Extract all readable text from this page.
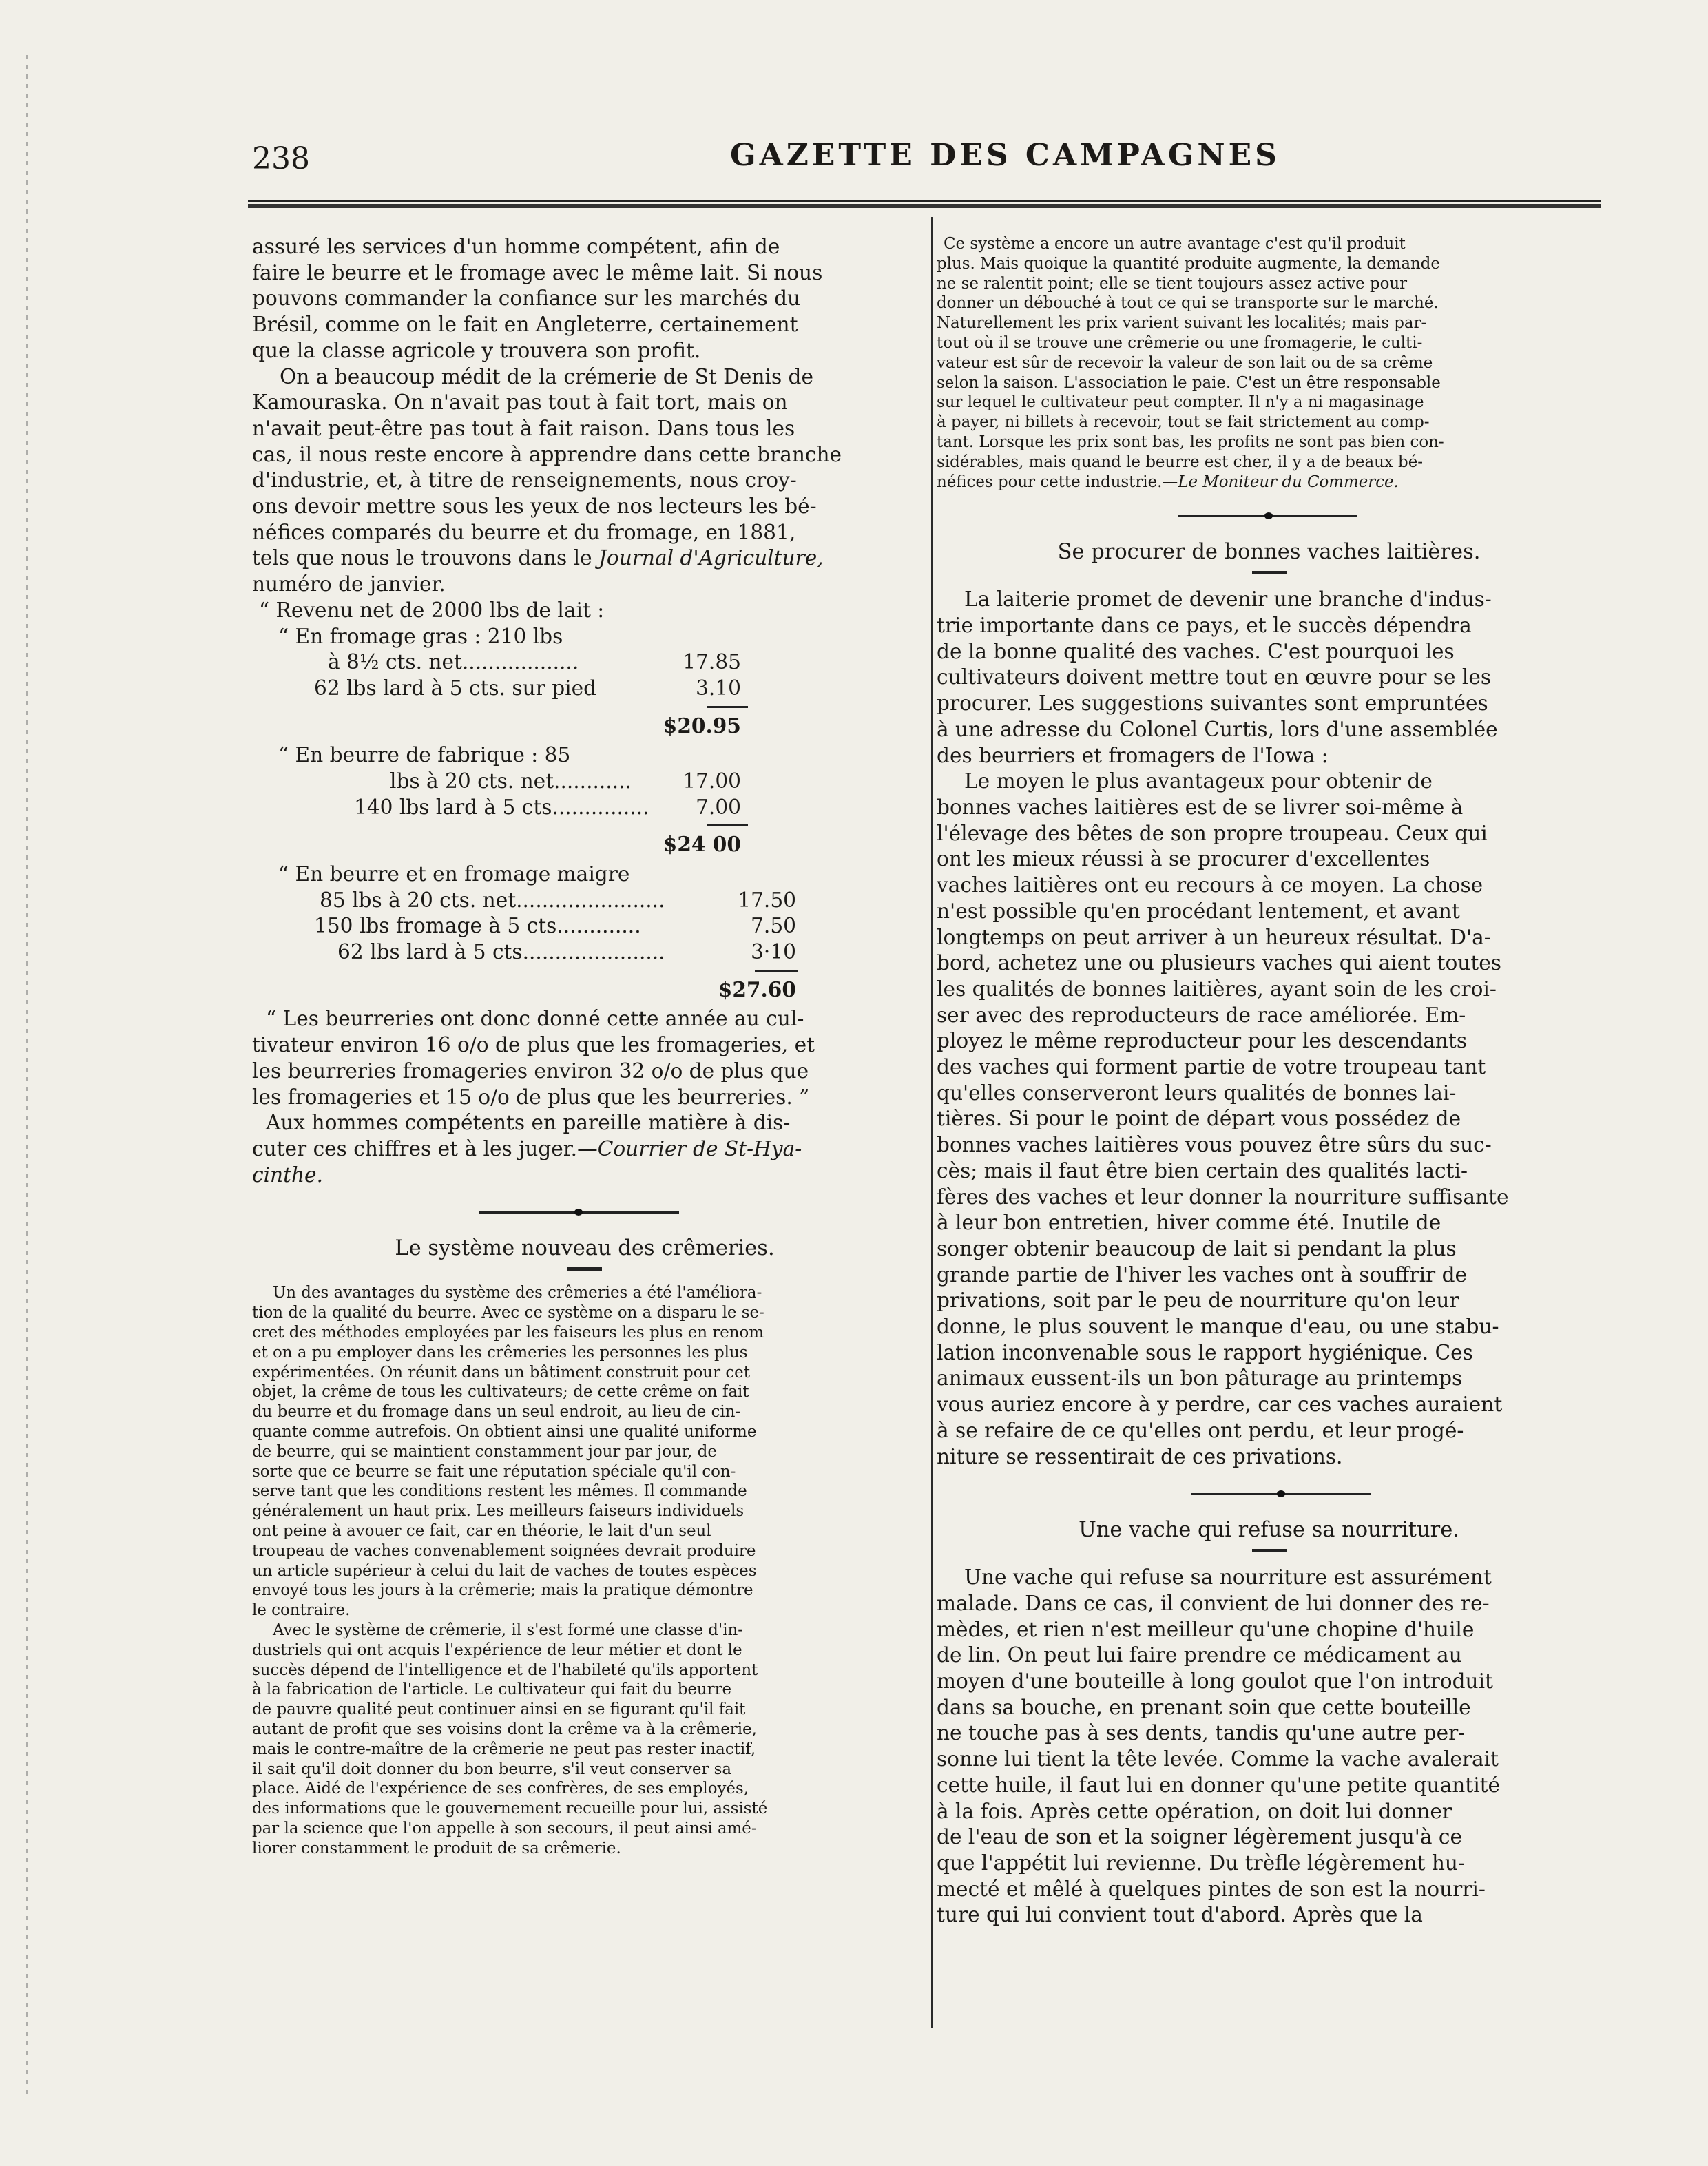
238	GAZETTE DES CAMPAGNES
assuré les services d'un homme compétent, afin de
faire le beurre et le fromage avec le même lait. Si nous
pouvons commander la confiance sur les marchés du
Brésil, comme on le fait en Angleterre, certainement
que la classe agricole y trouvera son profit.
On a beaucoup médit de la crémerie de St Denis de
Kamouraska. On n'avait pas tout à fait tort, mais on
n'avait peut-être pas tout à fait raison. Dans tous les
cas, il nous reste encore à apprendre dans cette branche
d'industrie, et, à titre de renseignements, nous croy-
ons devoir mettre sous les yeux de nos lecteurs les bé-
néfices comparés du beurre et du fromage, en 1881,

tels que nous le trouvons dans le Journal d'Agriculture,
numéro de janvier.

“ Revenu net de 2000 lbs de lait :
“ En fromage gras : 210 lbs
à 8½ cts. net..................	17.85
62 lbs lard à 5 cts. sur pied	3.10
$20.95
“ En beurre de fabrique : 85
lbs à 20 cts. net............	17.00
140 lbs lard à 5 cts............... 7.00
$24 00
“ En beurre et en fromage maigre
85 lbs à 20 cts. net.......................	17.50
150 lbs fromage à 5 cts.............	7.50
62 lbs lard à 5 cts......................	3·10
$27.60
“ Les beurreries ont donc donné cette année au cul-
tivateur environ 16 o/o de plus que les fromageries, et
les beurreries fromageries environ 32 o/o de plus que
les fromageries et 15 o/o de plus que les beurreries. ”
Aux hommes compétents en pareille matière à dis-

cuter ces chiffres et à les juger.—Courrier de St-Hya-
cinthe.

Le système nouveau des crêmeries.

Un des avantages du système des crêmeries a été l'améliora-
tion de la qualité du beurre. Avec ce système on a disparu le se-
cret des méthodes employées par les faiseurs les plus en renom
et on a pu employer dans les crêmeries les personnes les plus
expérimentées. On réunit dans un bâtiment construit pour cet
objet, la crême de tous les cultivateurs; de cette crême on fait
du beurre et du fromage dans un seul endroit, au lieu de cin-
quante comme autrefois. On obtient ainsi une qualité uniforme
de beurre, qui se maintient constamment jour par jour, de
sorte que ce beurre se fait une réputation spéciale qu'il con-
serve tant que les conditions restent les mêmes. Il commande
généralement un haut prix. Les meilleurs faiseurs individuels
ont peine à avouer ce fait, car en théorie, le lait d'un seul
troupeau de vaches convenablement soignées devrait produire
un article supérieur à celui du lait de vaches de toutes espèces
envoyé tous les jours à la crêmerie; mais la pratique démontre
le contraire.
Avec le système de crêmerie, il s'est formé une classe d'in-
dustriels qui ont acquis l'expérience de leur métier et dont le
succès dépend de l'intelligence et de l'habileté qu'ils apportent
à la fabrication de l'article. Le cultivateur qui fait du beurre
de pauvre qualité peut continuer ainsi en se figurant qu'il fait
autant de profit que ses voisins dont la crême va à la crêmerie,
mais le contre-maître de la crêmerie ne peut pas rester inactif,
il sait qu'il doit donner du bon beurre, s'il veut conserver sa
place. Aidé de l'expérience de ses confrères, de ses employés,
des informations que le gouvernement recueille pour lui, assisté
par la science que l'on appelle à son secours, il peut ainsi amé-
liorer constamment le produit de sa crêmerie.
Ce système a encore un autre avantage c'est qu'il produit
plus. Mais quoique la quantité produite augmente, la demande
ne se ralentit point; elle se tient toujours assez active pour
donner un débouché à tout ce qui se transporte sur le marché.
Naturellement les prix varient suivant les localités; mais par-
tout où il se trouve une crêmerie ou une fromagerie, le culti-
vateur est sûr de recevoir la valeur de son lait ou de sa crême
selon la saison. L'association le paie. C'est un être responsable
sur lequel le cultivateur peut compter. Il n'y a ni magasinage
à payer, ni billets à recevoir, tout se fait strictement au comp-
tant. Lorsque les prix sont bas, les profits ne sont pas bien con-
sidérables, mais quand le beurre est cher, il y a de beaux bé-

néfices pour cette industrie.—Le Moniteur du Commerce.

Se procurer de bonnes vaches laitières.

La laiterie promet de devenir une branche d'indus-
trie importante dans ce pays, et le succès dépendra
de la bonne qualité des vaches. C'est pourquoi les
cultivateurs doivent mettre tout en œuvre pour se les
procurer. Les suggestions suivantes sont empruntées
à une adresse du Colonel Curtis, lors d'une assemblée
des beurriers et fromagers de l'Iowa :
Le moyen le plus avantageux pour obtenir de
bonnes vaches laitières est de se livrer soi-même à
l'élevage des bêtes de son propre troupeau. Ceux qui
ont les mieux réussi à se procurer d'excellentes
vaches laitières ont eu recours à ce moyen. La chose
n'est possible qu'en procédant lentement, et avant
longtemps on peut arriver à un heureux résultat. D'a-
bord, achetez une ou plusieurs vaches qui aient toutes
les qualités de bonnes laitières, ayant soin de les croi-
ser avec des reproducteurs de race améliorée. Em-
ployez le même reproducteur pour les descendants
des vaches qui forment partie de votre troupeau tant
qu'elles conserveront leurs qualités de bonnes lai-
tières. Si pour le point de départ vous possédez de
bonnes vaches laitières vous pouvez être sûrs du suc-
cès; mais il faut être bien certain des qualités lacti-
fères des vaches et leur donner la nourriture suffisante
à leur bon entretien, hiver comme été. Inutile de
songer obtenir beaucoup de lait si pendant la plus
grande partie de l'hiver les vaches ont à souffrir de
privations, soit par le peu de nourriture qu'on leur
donne, le plus souvent le manque d'eau, ou une stabu-
lation inconvenable sous le rapport hygiénique. Ces
animaux eussent-ils un bon pâturage au printemps
vous auriez encore à y perdre, car ces vaches auraient
à se refaire de ce qu'elles ont perdu, et leur progé-
niture se ressentirait de ces privations.

Une vache qui refuse sa nourriture.

Une vache qui refuse sa nourriture est assurément
malade. Dans ce cas, il convient de lui donner des re-
mèdes, et rien n'est meilleur qu'une chopine d'huile
de lin. On peut lui faire prendre ce médicament au
moyen d'une bouteille à long goulot que l'on introduit
dans sa bouche, en prenant soin que cette bouteille
ne touche pas à ses dents, tandis qu'une autre per-
sonne lui tient la tête levée. Comme la vache avalerait
cette huile, il faut lui en donner qu'une petite quantité
à la fois. Après cette opération, on doit lui donner
de l'eau de son et la soigner légèrement jusqu'à ce
que l'appétit lui revienne. Du trèfle légèrement hu-
mecté et mêlé à quelques pintes de son est la nourri-
ture qui lui convient tout d'abord. Après que la
